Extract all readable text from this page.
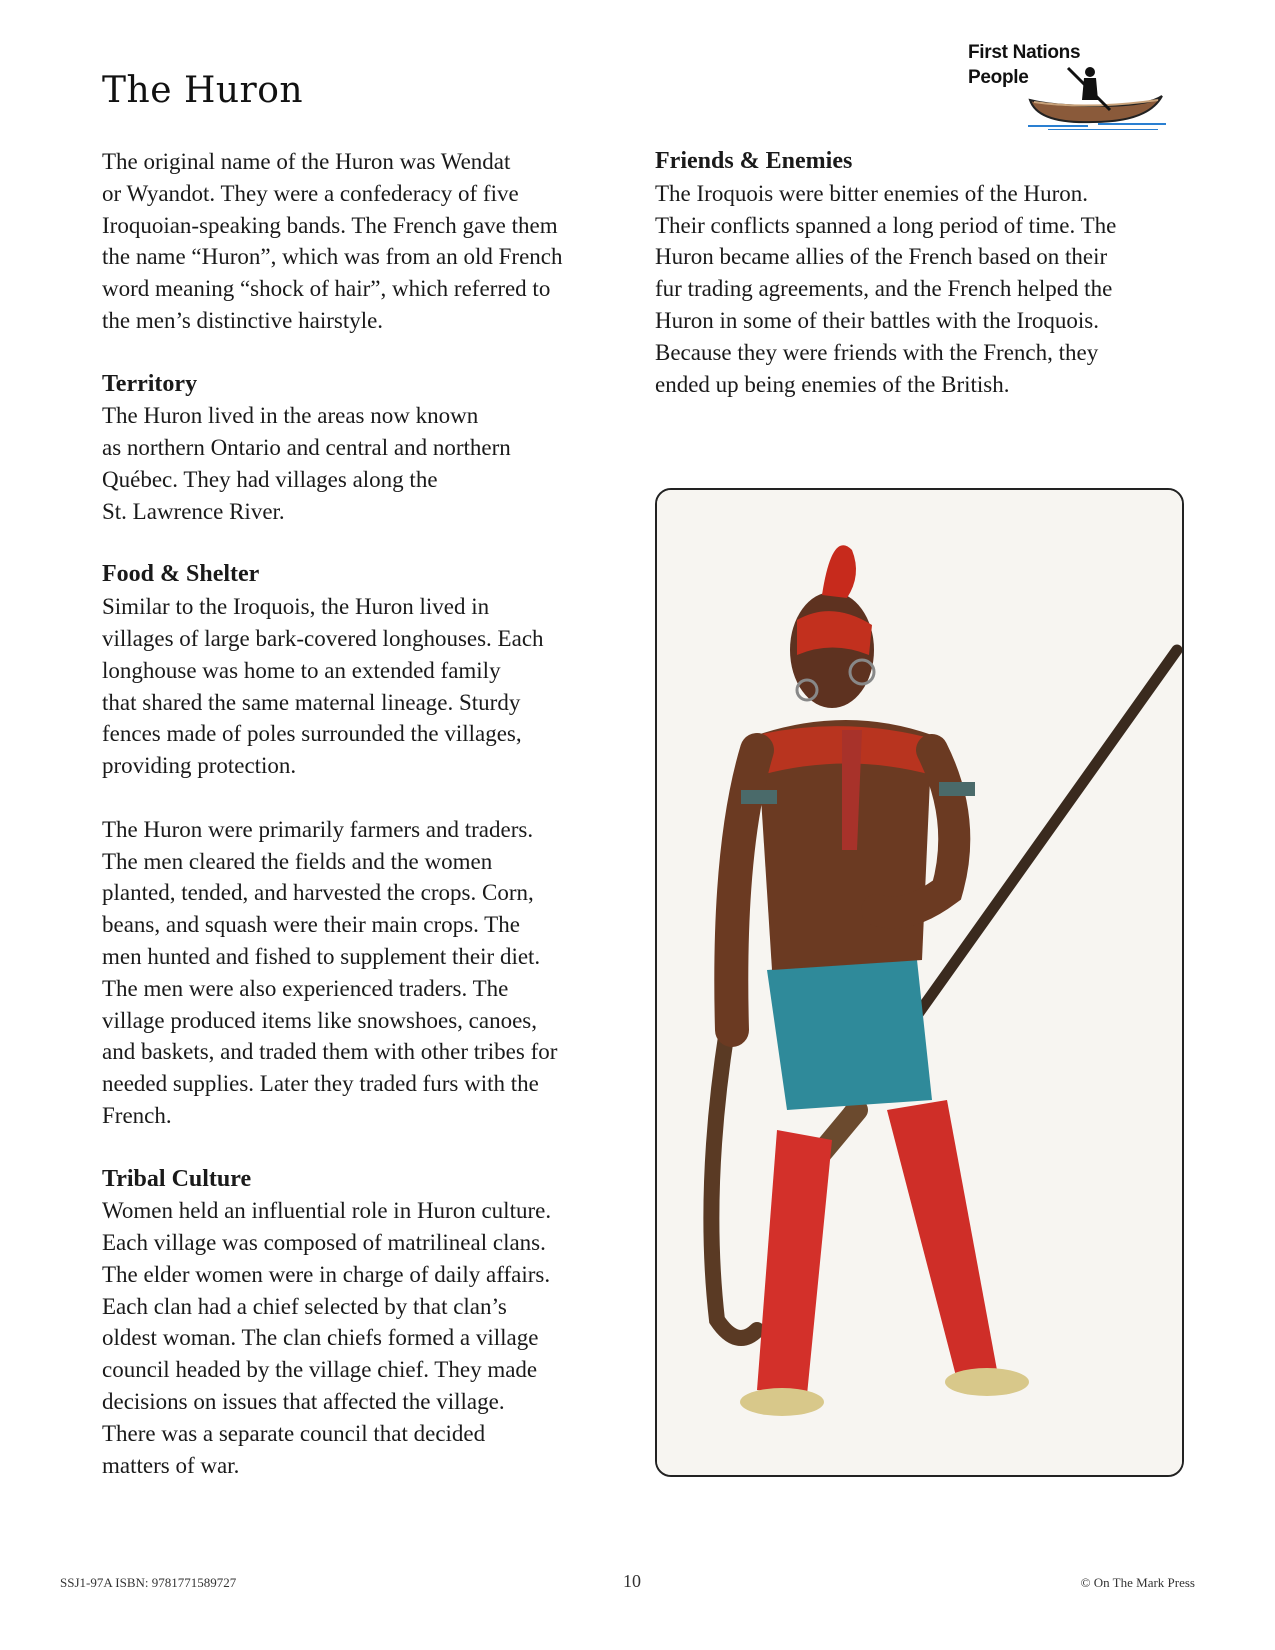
The Huron
First Nations
People

The original name of the Huron was Wendat
or Wyandot. They were a confederacy of five
Iroquoian-speaking bands. The French gave them
the name “Huron”, which was from an old French
word meaning “shock of hair”, which referred to
the men’s distinctive hairstyle.

Territory

The Huron lived in the areas now known
as northern Ontario and central and northern
Québec. They had villages along the
St. Lawrence River.

Food & Shelter

Similar to the Iroquois, the Huron lived in
villages of large bark-covered longhouses. Each
longhouse was home to an extended family
that shared the same maternal lineage. Sturdy
fences made of poles surrounded the villages,
providing protection.

The Huron were primarily farmers and traders.
The men cleared the fields and the women
planted, tended, and harvested the crops. Corn,
beans, and squash were their main crops. The
men hunted and fished to supplement their diet.
The men were also experienced traders. The
village produced items like snowshoes, canoes,
and baskets, and traded them with other tribes for
needed supplies. Later they traded furs with the
French.

Tribal Culture

Women held an influential role in Huron culture.
Each village was composed of matrilineal clans.
The elder women were in charge of daily affairs.
Each clan had a chief selected by that clan’s
oldest woman. The clan chiefs formed a village
council headed by the village chief. They made
decisions on issues that affected the village.
There was a separate council that decided
matters of war.

Friends & Enemies

The Iroquois were bitter enemies of the Huron.
Their conflicts spanned a long period of time. The
Huron became allies of the French based on their
fur trading agreements, and the French helped the
Huron in some of their battles with the Iroquois.
Because they were friends with the French, they
ended up being enemies of the British.

SSJ1-97A ISBN: 9781771589727	10	© On The Mark Press
